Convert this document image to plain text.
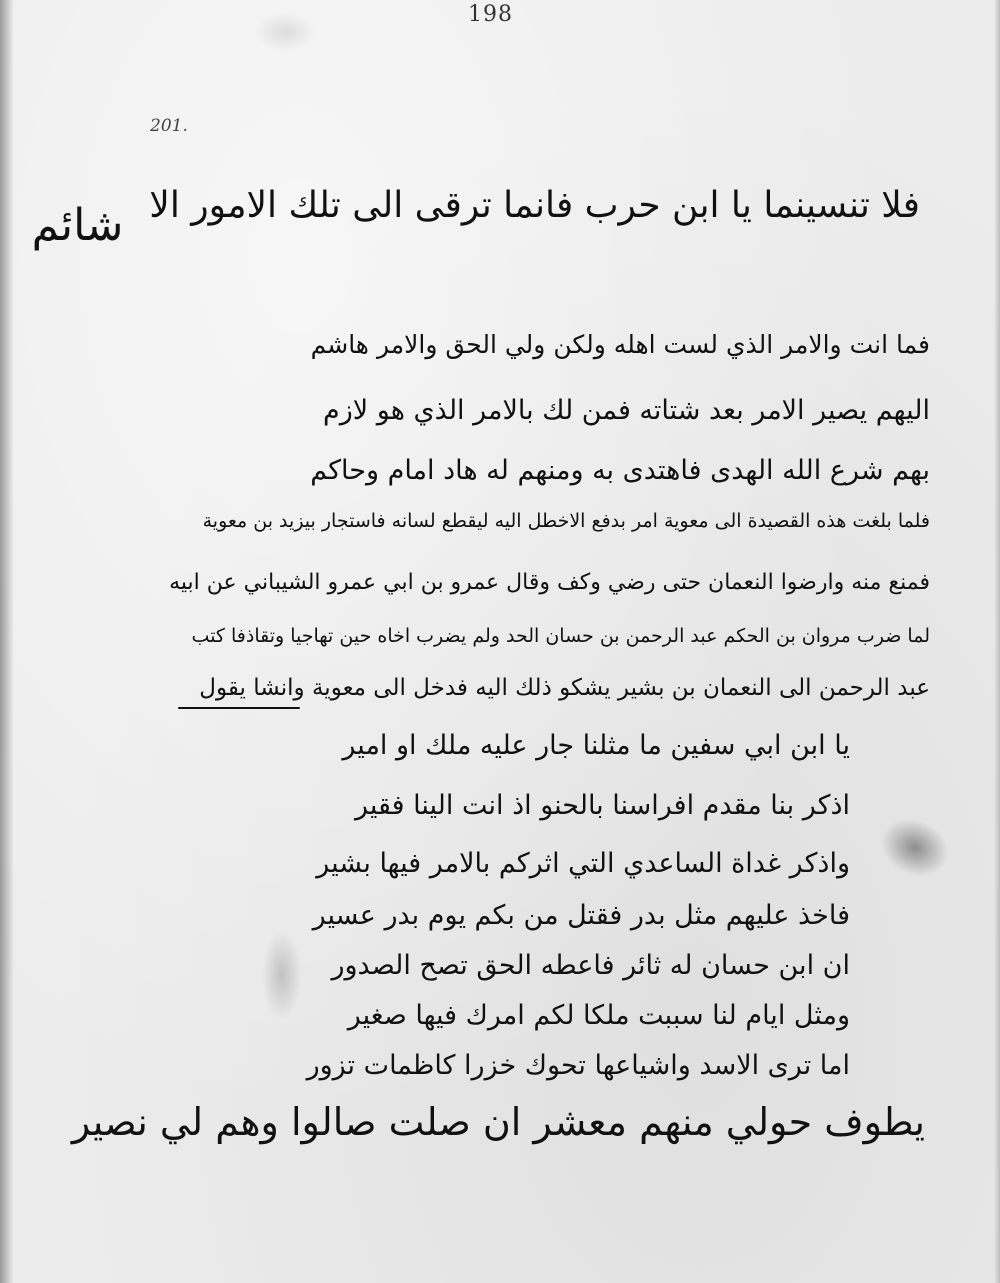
198
201.
شائم فلا تنسينما يا ابن حرب فانما ترقى الى تلك الامور الا
فما انت والامر الذي لست اهله ولكن ولي الحق والامر هاشم
اليهم يصير الامر بعد شتاته فمن لك بالامر الذي هو لازم
بهم شرع الله الهدى فاهتدى به ومنهم له هاد امام وحاكم
فلما بلغت هذه القصيدة الى معوية امر بدفع الاخطل اليه ليقطع لسانه فاستجار بيزيد بن معوية
فمنع منه وارضوا النعمان حتى رضي وكف وقال عمرو بن ابي عمرو الشيباني عن ابيه
لما ضرب مروان بن الحكم عبد الرحمن بن حسان الحد ولم يضرب اخاه حين تهاجيا وتقاذفا كتب
عبد الرحمن الى النعمان بن بشير يشكو ذلك اليه فدخل الى معوية وانشا يقول
يا ابن ابي سفين ما مثلنا جار عليه ملك او امير
اذكر بنا مقدم افراسنا بالحنو اذ انت الينا فقير
واذكر غداة الساعدي التي اثركم بالامر فيها بشير
فاخذ عليهم مثل بدر فقتل من بكم يوم بدر عسير
ان ابن حسان له ثائر فاعطه الحق تصح الصدور
ومثل ايام لنا سببت ملكا لكم امرك فيها صغير
اما ترى الاسد واشياعها تحوك خزرا كاظمات تزور
يطوف حولي منهم معشر ان صلت صالوا وهم لي نصير
